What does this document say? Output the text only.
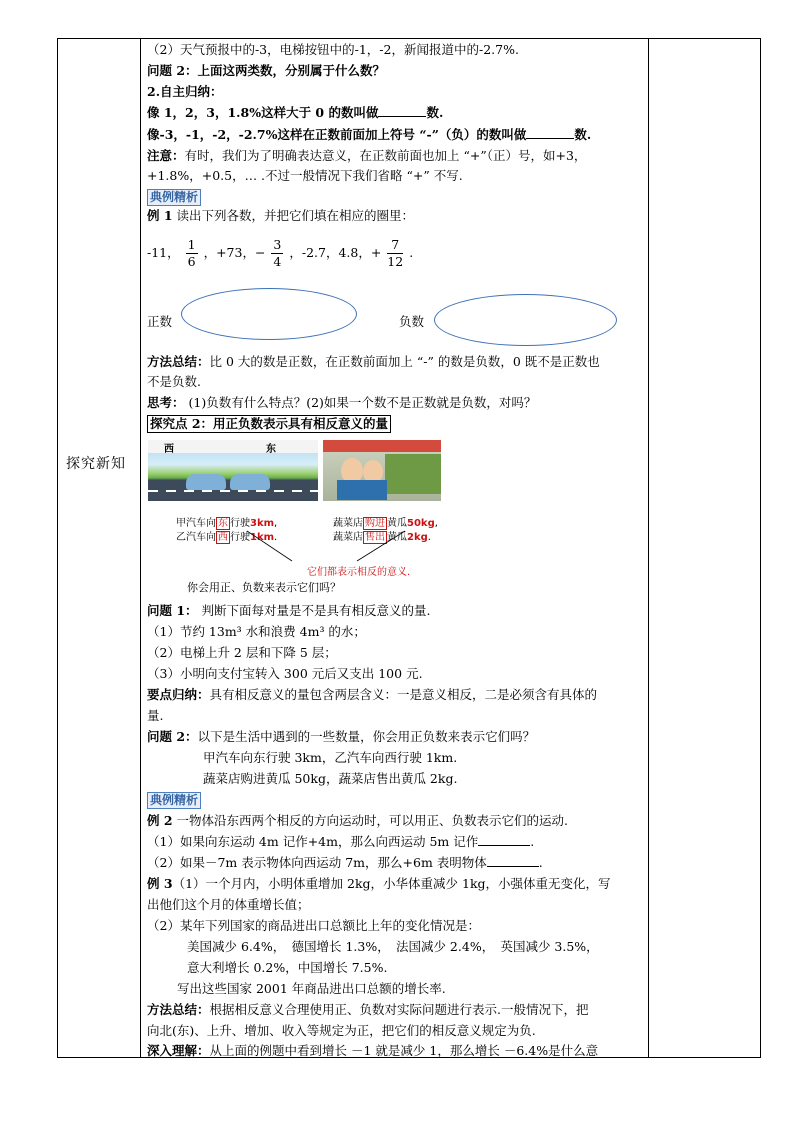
探究新知
（2）天气预报中的-3，电梯按钮中的-1，-2，新闻报道中的-2.7%.
问题 2：上面这两类数，分别属于什么数？
2.自主归纳：
像 1，2，3，1.8%这样大于 0 的数叫做	数.
像-3，-1，-2，-2.7%这样在正数前面加上符号 “-”（负）的数叫做	数.
注意：有时，我们为了明确表达意义，在正数前面也加上 “+”（正）号，如+3，
+1.8%，+0.5，… .不过一般情况下我们省略 “+” 不写.
典例精析
例 1 读出下列各数，并把它们填在相应的圈里：
-11， $\frac{1}{6}$ ，+73，− $\frac{3}{4}$ ，-2.7，4.8，+ $\frac{7}{12}$ .
正数	负数
方法总结：比 0 大的数是正数，在正数前面加上 “-” 的数是负数，0 既不是正数也
不是负数.
思考： (1)负数有什么特点？(2)如果一个数不是正数就是负数，对吗？
探究点 2：用正负数表示具有相反意义的量
西	东
甲汽车向 东 行驶3km,
乙汽车向 西 行驶1km.
蔬菜店 购进 黄瓜50kg,
蔬菜店 售出 黄瓜2kg.
它们都表示相反的意义.
你会用正、负数来表示它们吗？
问题 1： 判断下面每对量是不是具有相反意义的量.
（1）节约 13m³ 水和浪费 4m³ 的水；
（2）电梯上升 2 层和下降 5 层；
（3）小明向支付宝转入 300 元后又支出 100 元.
要点归纳：具有相反意义的量包含两层含义：一是意义相反，二是必须含有具体的
量.
问题 2：以下是生活中遇到的一些数量，你会用正负数来表示它们吗？
甲汽车向东行驶 3km，乙汽车向西行驶 1km.
蔬菜店购进黄瓜 50kg，蔬菜店售出黄瓜 2kg.
典例精析
例 2 一物体沿东西两个相反的方向运动时，可以用正、负数表示它们的运动.
（1）如果向东运动 4m 记作+4m，那么向西运动 5m 记作	.
（2）如果－7m 表示物体向西运动 7m，那么+6m 表明物体	.
例 3（1）一个月内，小明体重增加 2kg，小华体重减少 1kg，小强体重无变化，写
出他们这个月的体重增长值；
（2）某年下列国家的商品进出口总额比上年的变化情况是：
美国减少 6.4%，　德国增长 1.3%，　法国减少 2.4%，　英国减少 3.5%，
意大利增长 0.2%，中国增长 7.5%.
写出这些国家 2001 年商品进出口总额的增长率.
方法总结：根据相反意义合理使用正、负数对实际问题进行表示.一般情况下，把
向北(东)、上升、增加、收入等规定为正，把它们的相反意义规定为负.
深入理解：从上面的例题中看到增长 －1 就是减少 1，那么增长 －6.4%是什么意
